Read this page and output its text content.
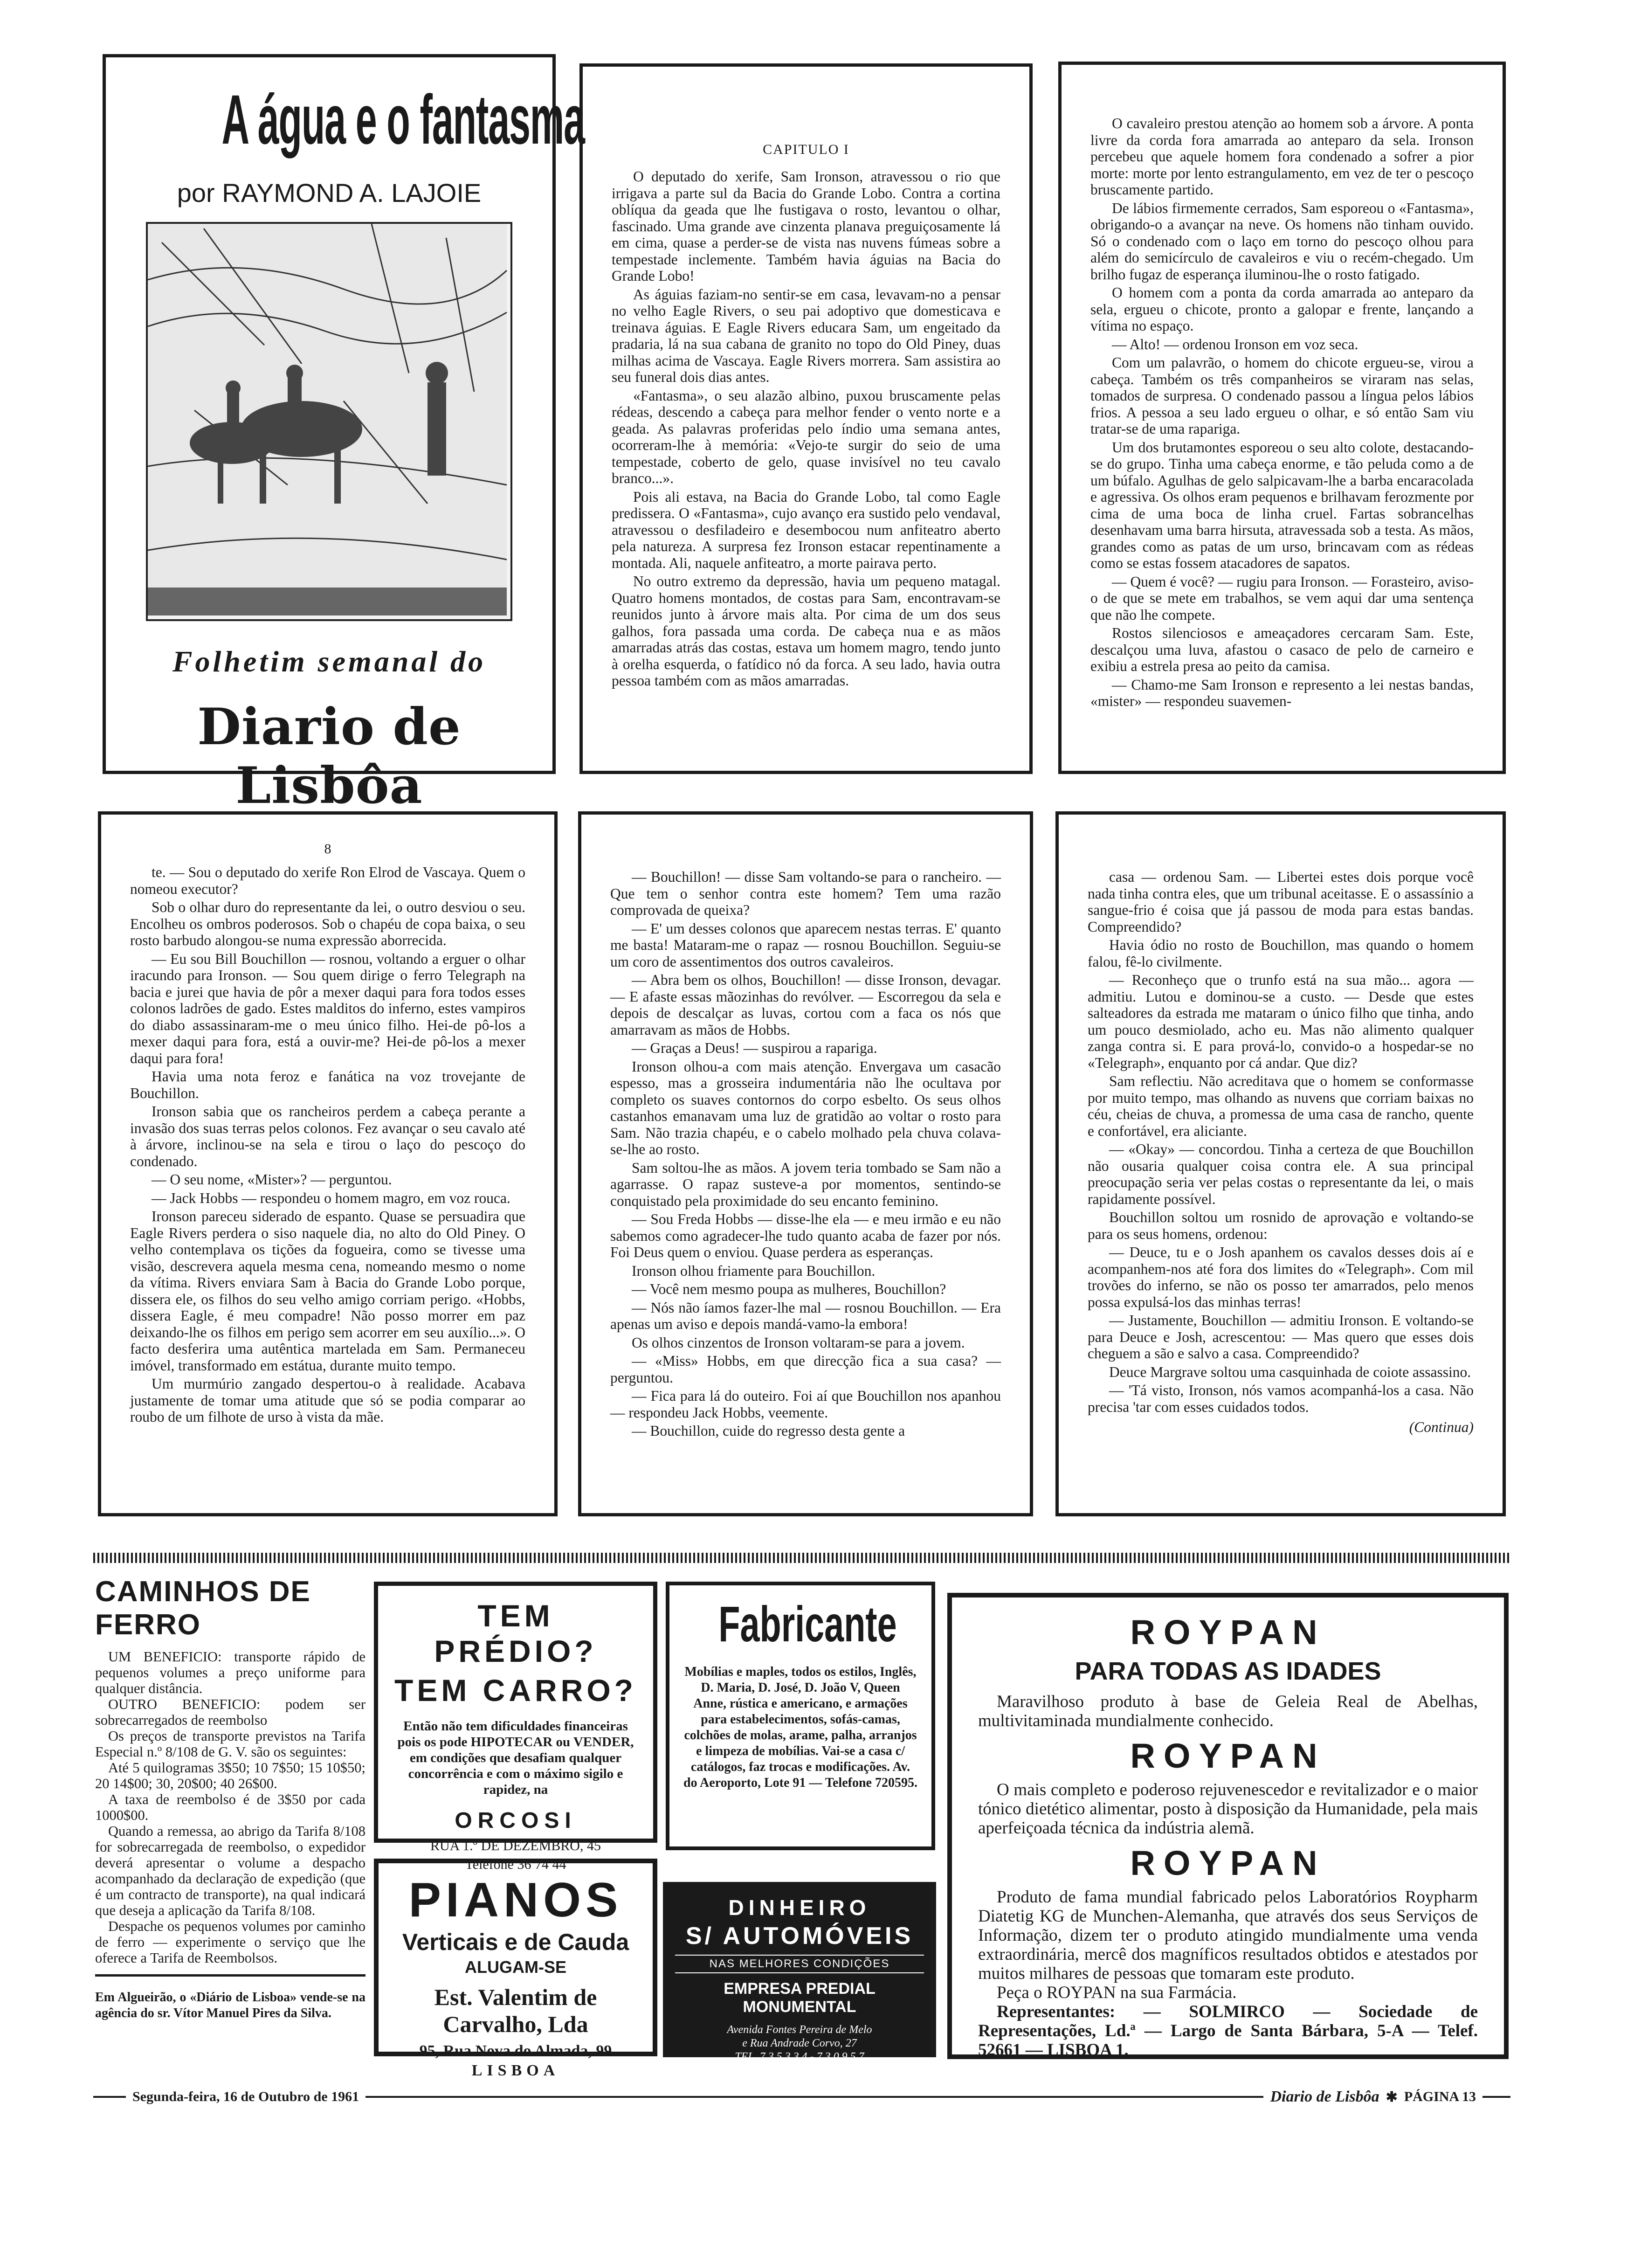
A água e o fantasma
por RAYMOND A. LAJOIE
Folhetim semanal do
Diario de Lisbôa

CAPITULO I

O deputado do xerife, Sam Ironson, atravessou o rio que irrigava a parte sul da Bacia do Grande Lobo. Contra a cortina oblíqua da geada que lhe fustigava o rosto, levantou o olhar, fascinado. Uma grande ave cinzenta planava preguiçosamente lá em cima, quase a perder-se de vista nas nuvens fúmeas sobre a tempestade inclemente. Também havia águias na Bacia do Grande Lobo!

As águias faziam-no sentir-se em casa, levavam-no a pensar no velho Eagle Rivers, o seu pai adoptivo que domesticava e treinava águias. E Eagle Rivers educara Sam, um engeitado da pradaria, lá na sua cabana de granito no topo do Old Piney, duas milhas acima de Vascaya. Eagle Rivers morrera. Sam assistira ao seu funeral dois dias antes.

«Fantasma», o seu alazão albino, puxou bruscamente pelas rédeas, descendo a cabeça para melhor fender o vento norte e a geada. As palavras proferidas pelo índio uma semana antes, ocorreram-lhe à memória: «Vejo-te surgir do seio de uma tempestade, coberto de gelo, quase invisível no teu cavalo branco...».

Pois ali estava, na Bacia do Grande Lobo, tal como Eagle predissera. O «Fantasma», cujo avanço era sustido pelo vendaval, atravessou o desfiladeiro e desembocou num anfiteatro aberto pela natureza. A surpresa fez Ironson estacar repentinamente a montada. Ali, naquele anfiteatro, a morte pairava perto.

No outro extremo da depressão, havia um pequeno matagal. Quatro homens montados, de costas para Sam, encontravam-se reunidos junto à árvore mais alta. Por cima de um dos seus galhos, fora passada uma corda. De cabeça nua e as mãos amarradas atrás das costas, estava um homem magro, tendo junto à orelha esquerda, o fatídico nó da forca. A seu lado, havia outra pessoa também com as mãos amarradas.

O cavaleiro prestou atenção ao homem sob a árvore. A ponta livre da corda fora amarrada ao anteparo da sela. Ironson percebeu que aquele homem fora condenado a sofrer a pior morte: morte por lento estrangulamento, em vez de ter o pescoço bruscamente partido.

De lábios firmemente cerrados, Sam esporeou o «Fantasma», obrigando-o a avançar na neve. Os homens não tinham ouvido. Só o condenado com o laço em torno do pescoço olhou para além do semicírculo de cavaleiros e viu o recém-chegado. Um brilho fugaz de esperança iluminou-lhe o rosto fatigado.

O homem com a ponta da corda amarrada ao anteparo da sela, ergueu o chicote, pronto a galopar e frente, lançando a vítima no espaço.

— Alto! — ordenou Ironson em voz seca.

Com um palavrão, o homem do chicote ergueu-se, virou a cabeça. Também os três companheiros se viraram nas selas, tomados de surpresa. O condenado passou a língua pelos lábios frios. A pessoa a seu lado ergueu o olhar, e só então Sam viu tratar-se de uma rapariga.

Um dos brutamontes esporeou o seu alto colote, destacando-se do grupo. Tinha uma cabeça enorme, e tão peluda como a de um búfalo. Agulhas de gelo salpicavam-lhe a barba encaracolada e agressiva. Os olhos eram pequenos e brilhavam ferozmente por cima de uma boca de linha cruel. Fartas sobrancelhas desenhavam uma barra hirsuta, atravessada sob a testa. As mãos, grandes como as patas de um urso, brincavam com as rédeas como se estas fossem atacadores de sapatos.

— Quem é você? — rugiu para Ironson. — Forasteiro, aviso-o de que se mete em trabalhos, se vem aqui dar uma sentença que não lhe compete.

Rostos silenciosos e ameaçadores cercaram Sam. Este, descalçou uma luva, afastou o casaco de pelo de carneiro e exibiu a estrela presa ao peito da camisa.

— Chamo-me Sam Ironson e represento a lei nestas bandas, «mister» — respondeu suavemen-

8

te. — Sou o deputado do xerife Ron Elrod de Vascaya. Quem o nomeou executor?

Sob o olhar duro do representante da lei, o outro desviou o seu. Encolheu os ombros poderosos. Sob o chapéu de copa baixa, o seu rosto barbudo alongou-se numa expressão aborrecida.

— Eu sou Bill Bouchillon — rosnou, voltando a erguer o olhar iracundo para Ironson. — Sou quem dirige o ferro Telegraph na bacia e jurei que havia de pôr a mexer daqui para fora todos esses colonos ladrões de gado. Estes malditos do inferno, estes vampiros do diabo assassinaram-me o meu único filho. Hei-de pô-los a mexer daqui para fora, está a ouvir-me? Hei-de pô-los a mexer daqui para fora!

Havia uma nota feroz e fanática na voz trovejante de Bouchillon.

Ironson sabia que os rancheiros perdem a cabeça perante a invasão dos suas terras pelos colonos. Fez avançar o seu cavalo até à árvore, inclinou-se na sela e tirou o laço do pescoço do condenado.

— O seu nome, «Mister»? — perguntou.

— Jack Hobbs — respondeu o homem magro, em voz rouca.

Ironson pareceu siderado de espanto. Quase se persuadira que Eagle Rivers perdera o siso naquele dia, no alto do Old Piney. O velho contemplava os tições da fogueira, como se tivesse uma visão, descrevera aquela mesma cena, nomeando mesmo o nome da vítima. Rivers enviara Sam à Bacia do Grande Lobo porque, dissera ele, os filhos do seu velho amigo corriam perigo. «Hobbs, dissera Eagle, é meu compadre! Não posso morrer em paz deixando-lhe os filhos em perigo sem acorrer em seu auxílio...». O facto desferira uma autêntica martelada em Sam. Permaneceu imóvel, transformado em estátua, durante muito tempo.

Um murmúrio zangado despertou-o à realidade. Acabava justamente de tomar uma atitude que só se podia comparar ao roubo de um filhote de urso à vista da mãe.

— Bouchillon! — disse Sam voltando-se para o rancheiro. — Que tem o senhor contra este homem? Tem uma razão comprovada de queixa?

— E' um desses colonos que aparecem nestas terras. E' quanto me basta! Mataram-me o rapaz — rosnou Bouchillon. Seguiu-se um coro de assentimentos dos outros cavaleiros.

— Abra bem os olhos, Bouchillon! — disse Ironson, devagar. — E afaste essas mãozinhas do revólver. — Escorregou da sela e depois de descalçar as luvas, cortou com a faca os nós que amarravam as mãos de Hobbs.

— Graças a Deus! — suspirou a rapariga.

Ironson olhou-a com mais atenção. Envergava um casacão espesso, mas a grosseira indumentária não lhe ocultava por completo os suaves contornos do corpo esbelto. Os seus olhos castanhos emanavam uma luz de gratidão ao voltar o rosto para Sam. Não trazia chapéu, e o cabelo molhado pela chuva colava-se-lhe ao rosto.

Sam soltou-lhe as mãos. A jovem teria tombado se Sam não a agarrasse. O rapaz susteve-a por momentos, sentindo-se conquistado pela proximidade do seu encanto feminino.

— Sou Freda Hobbs — disse-lhe ela — e meu irmão e eu não sabemos como agradecer-lhe tudo quanto acaba de fazer por nós. Foi Deus quem o enviou. Quase perdera as esperanças.

Ironson olhou friamente para Bouchillon.

— Você nem mesmo poupa as mulheres, Bouchillon?

— Nós não íamos fazer-lhe mal — rosnou Bouchillon. — Era apenas um aviso e depois mandá-vamo-la embora!

Os olhos cinzentos de Ironson voltaram-se para a jovem.

— «Miss» Hobbs, em que direcção fica a sua casa? — perguntou.

— Fica para lá do outeiro. Foi aí que Bouchillon nos apanhou — respondeu Jack Hobbs, veemente.

— Bouchillon, cuide do regresso desta gente a

casa — ordenou Sam. — Libertei estes dois porque você nada tinha contra eles, que um tribunal aceitasse. E o assassínio a sangue-frio é coisa que já passou de moda para estas bandas. Compreendido?

Havia ódio no rosto de Bouchillon, mas quando o homem falou, fê-lo civilmente.

— Reconheço que o trunfo está na sua mão... agora — admitiu. Lutou e dominou-se a custo. — Desde que estes salteadores da estrada me mataram o único filho que tinha, ando um pouco desmiolado, acho eu. Mas não alimento qualquer zanga contra si. E para prová-lo, convido-o a hospedar-se no «Telegraph», enquanto por cá andar. Que diz?

Sam reflectiu. Não acreditava que o homem se conformasse por muito tempo, mas olhando as nuvens que corriam baixas no céu, cheias de chuva, a promessa de uma casa de rancho, quente e confortável, era aliciante.

— «Okay» — concordou. Tinha a certeza de que Bouchillon não ousaria qualquer coisa contra ele. A sua principal preocupação seria ver pelas costas o representante da lei, o mais rapidamente possível.

Bouchillon soltou um rosnido de aprovação e voltando-se para os seus homens, ordenou:

— Deuce, tu e o Josh apanhem os cavalos desses dois aí e acompanhem-nos até fora dos limites do «Telegraph». Com mil trovões do inferno, se não os posso ter amarrados, pelo menos possa expulsá-los das minhas terras!

— Justamente, Bouchillon — admitiu Ironson. E voltando-se para Deuce e Josh, acrescentou: — Mas quero que esses dois cheguem a são e salvo a casa. Compreendido?

Deuce Margrave soltou uma casquinhada de coiote assassino.

— 'Tá visto, Ironson, nós vamos acompanhá-los a casa. Não precisa 'tar com esses cuidados todos.

(Continua)

CAMINHOS DE FERRO

UM BENEFICIO: transporte rápido de pequenos volumes a preço uniforme para qualquer distância.

OUTRO BENEFICIO: podem ser sobrecarregados de reembolso

Os preços de transporte previstos na Tarifa Especial n.º 8/108 de G. V. são os seguintes:

Até 5 quilogramas 3$50; 10 7$50; 15 10$50; 20 14$00; 30, 20$00; 40 26$00.

A taxa de reembolso é de 3$50 por cada 1000$00.

Quando a remessa, ao abrigo da Tarifa 8/108 for sobrecarregada de reembolso, o expedidor deverá apresentar o volume a despacho acompanhado da declaração de expedição (que é um contracto de transporte), na qual indicará que deseja a aplicação da Tarifa 8/108.

Despache os pequenos volumes por caminho de ferro — experimente o serviço que lhe oferece a Tarifa de Reembolsos.

Em Algueirão, o «Diário de Lisboa» vende-se na agência do sr. Vítor Manuel Pires da Silva.

TEM PRÉDIO?
TEM CARRO?
Então não tem dificuldades financeiras pois os pode HIPOTECAR ou VENDER, em condições que desafiam qualquer concorrência e com o máximo sigilo e rapidez, na
ORCOSI
RUA 1.º DE DEZEMBRO, 45
Telefone 36 74 44
PIANOS
Verticais e de Cauda
ALUGAM-SE
Est. Valentim de Carvalho, Lda
95, Rua Nova do Almada, 99
LISBOA
Fabricante
Mobílias e maples, todos os estilos, Inglês, D. Maria, D. José, D. João V, Queen Anne, rústica e americano, e armações para estabelecimentos, sofás-camas, colchões de molas, arame, palha, arranjos e limpeza de mobílias. Vai-se a casa c/ catálogos, faz trocas e modificações. Av. do Aeroporto, Lote 91 — Telefone 720595.
DINHEIRO
S/ AUTOMÓVEIS
NAS MELHORES CONDIÇÕES
EMPRESA PREDIAL MONUMENTAL
Avenida Fontes Pereira de Melo
e Rua Andrade Corvo, 27
TEL. 7 3 5 3 3 4 - 7 3 0 9 5 7
ROYPAN
PARA TODAS AS IDADES

Maravilhoso produto à base de Geleia Real de Abelhas, multivitaminada mundialmente conhecido.

ROYPAN

O mais completo e poderoso rejuvenescedor e revitalizador e o maior tónico dietético alimentar, posto à disposição da Humanidade, pela mais aperfeiçoada técnica da indústria alemã.

ROYPAN

Produto de fama mundial fabricado pelos Laboratórios Roypharm Diatetig KG de Munchen-Alemanha, que através dos seus Serviços de Informação, dizem ter o produto atingido mundialmente uma venda extraordinária, mercê dos magníficos resultados obtidos e atestados por muitos milhares de pessoas que tomaram este produto.

Peça o ROYPAN na sua Farmácia.

Representantes: — SOLMIRCO — Sociedade de Representações, Ld.ª — Largo de Santa Bárbara, 5-A — Telef. 52661 — LISBOA 1.

Segunda-feira, 16 de Outubro de 1961	Diario de Lisbôa ✱ PÁGINA 13
